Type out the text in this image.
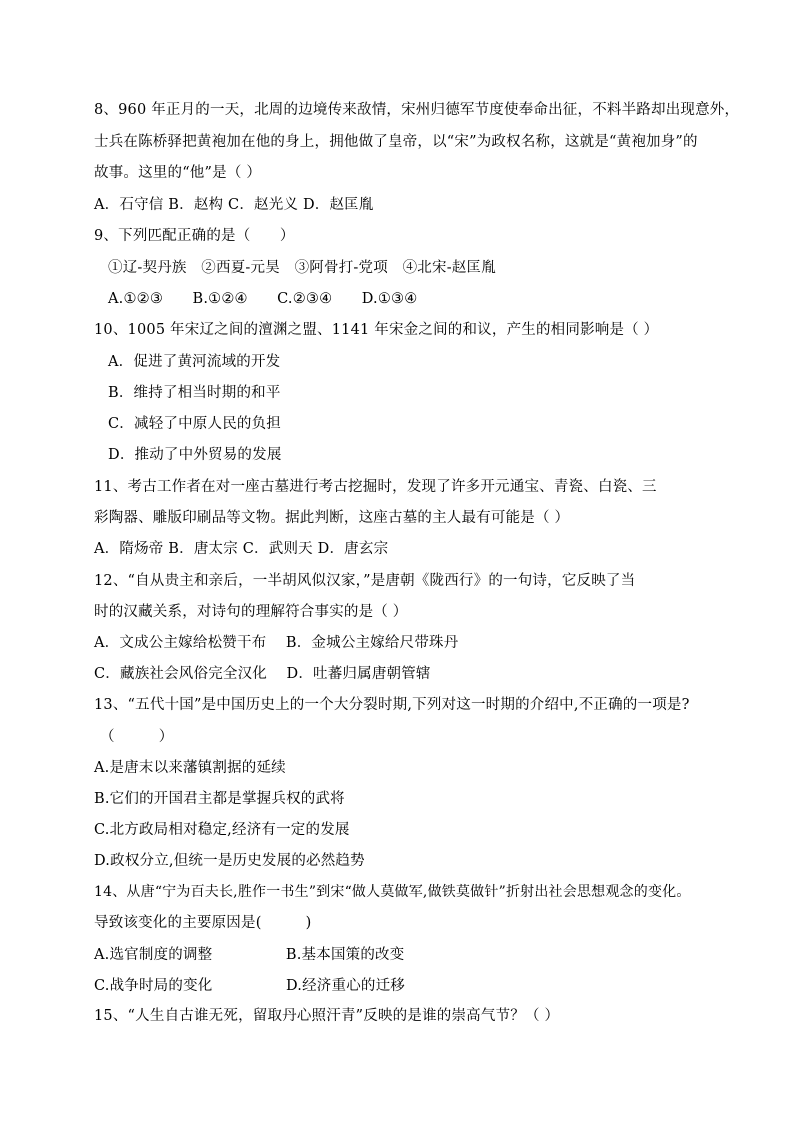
8、960 年正月的一天，北周的边境传来敌情，宋州归德军节度使奉命出征，不料半路却出现意外，
士兵在陈桥驿把黄袍加在他的身上，拥他做了皇帝，以“宋”为政权名称，这就是“黄袍加身”的
故事。这里的“他”是（ ）
A．石守信 B．赵构 C．赵光义 D．赵匡胤
9、下列匹配正确的是（　　）
①辽-契丹族　②西夏-元昊　③阿骨打-党项　④北宋-赵匡胤
A.①②③　　B.①②④　　C.②③④　　D.①③④
10、1005 年宋辽之间的澶渊之盟、1141 年宋金之间的和议，产生的相同影响是（ ）
A．促进了黄河流域的开发
B．维持了相当时期的和平
C．减轻了中原人民的负担
D．推动了中外贸易的发展
11、考古工作者在对一座古墓进行考古挖掘时，发现了许多开元通宝、青瓷、白瓷、三
彩陶器、雕版印刷品等文物。据此判断，这座古墓的主人最有可能是（ ）
A．隋炀帝 B．唐太宗 C．武则天 D．唐玄宗
12、“自从贵主和亲后，一半胡风似汉家，”是唐朝《陇西行》的一句诗，它反映了当
时的汉藏关系，对诗句的理解符合事实的是（ ）
A．文成公主嫁给松赞干布　 B．金城公主嫁给尺带珠丹
C．藏族社会风俗完全汉化　 D．吐蕃归属唐朝管辖
13、“五代十国”是中国历史上的一个大分裂时期,下列对这一时期的介绍中,不正确的一项是?
（　　　）
A.是唐末以来藩镇割据的延续
B.它们的开国君主都是掌握兵权的武将
C.北方政局相对稳定,经济有一定的发展
D.政权分立,但统一是历史发展的必然趋势
14、从唐“宁为百夫长,胜作一书生”到宋“做人莫做军,做铁莫做针”折射出社会思想观念的变化。
导致该变化的主要原因是(　　　)
A.选官制度的调整　　　　　B.基本国策的改变
C.战争时局的变化　　　　　D.经济重心的迁移
15、“人生自古谁无死，留取丹心照汗青”反映的是谁的崇高气节？（ ）
